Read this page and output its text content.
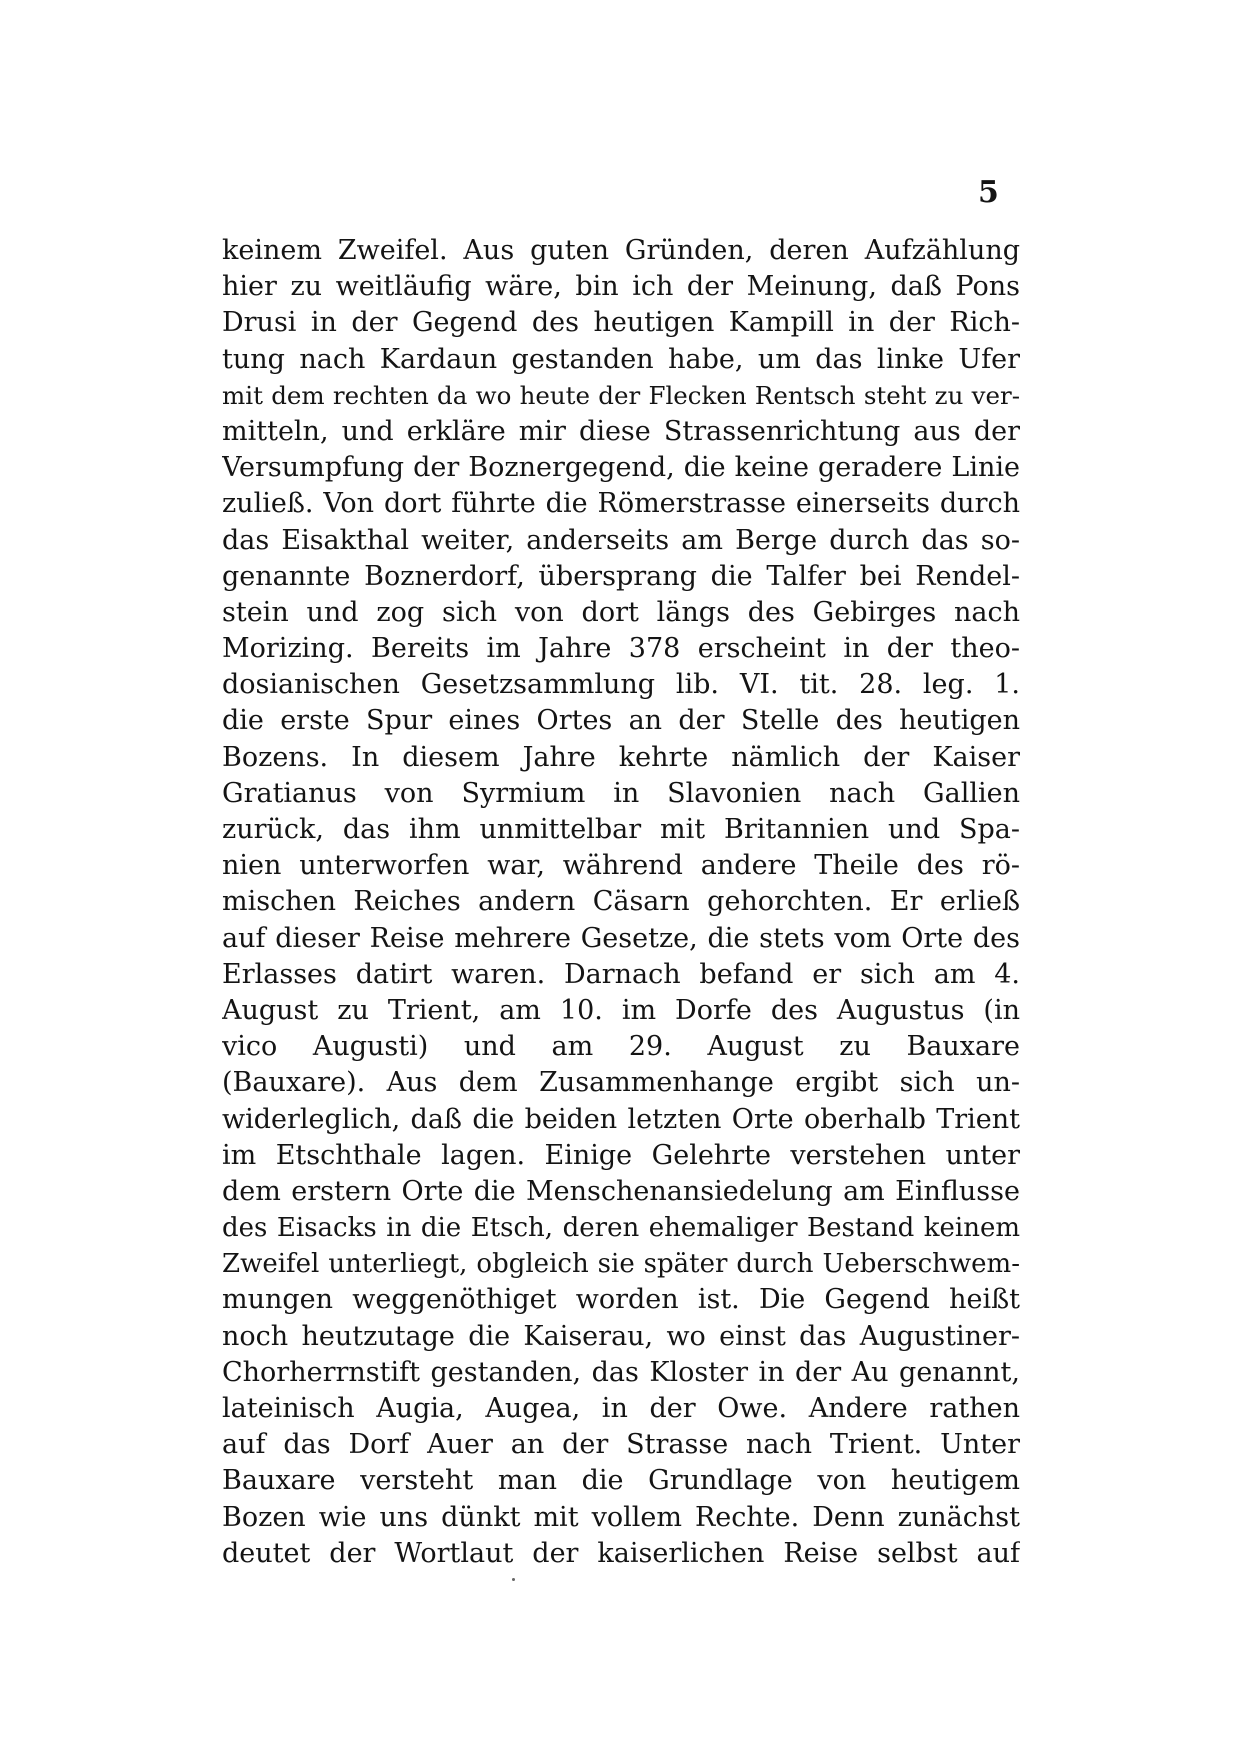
5
keinem Zweifel. Aus guten Gründen, deren Aufzählung
hier zu weitläufig wäre, bin ich der Meinung, daß Pons
Drusi in der Gegend des heutigen Kampill in der Rich-
tung nach Kardaun gestanden habe, um das linke Ufer
mit dem rechten da wo heute der Flecken Rentsch steht zu ver-
mitteln, und erkläre mir diese Strassenrichtung aus der
Versumpfung der Boznergegend, die keine geradere Linie
zuließ. Von dort führte die Römerstrasse einerseits durch
das Eisakthal weiter, anderseits am Berge durch das so-
genannte Boznerdorf, übersprang die Talfer bei Rendel-
stein und zog sich von dort längs des Gebirges nach
Morizing. Bereits im Jahre 378 erscheint in der theo-
dosianischen Gesetzsammlung lib. VI. tit. 28. leg. 1.
die erste Spur eines Ortes an der Stelle des heutigen
Bozens. In diesem Jahre kehrte nämlich der Kaiser
Gratianus von Syrmium in Slavonien nach Gallien
zurück, das ihm unmittelbar mit Britannien und Spa-
nien unterworfen war, während andere Theile des rö-
mischen Reiches andern Cäsarn gehorchten. Er erließ
auf dieser Reise mehrere Gesetze, die stets vom Orte des
Erlasses datirt waren. Darnach befand er sich am 4.
August zu Trient, am 10. im Dorfe des Augustus (in
vico Augusti) und am 29. August zu Bauxare
(Bauxare). Aus dem Zusammenhange ergibt sich un-
widerleglich, daß die beiden letzten Orte oberhalb Trient
im Etschthale lagen. Einige Gelehrte verstehen unter
dem erstern Orte die Menschenansiedelung am Einflusse
des Eisacks in die Etsch, deren ehemaliger Bestand keinem
Zweifel unterliegt, obgleich sie später durch Ueberschwem-
mungen weggenöthiget worden ist. Die Gegend heißt
noch heutzutage die Kaiserau, wo einst das Augustiner-
Chorherrnstift gestanden, das Kloster in der Au genannt,
lateinisch Augia, Augea, in der Owe. Andere rathen
auf das Dorf Auer an der Strasse nach Trient. Unter
Bauxare versteht man die Grundlage von heutigem
Bozen wie uns dünkt mit vollem Rechte. Denn zunächst
deutet der Wortlaut der kaiserlichen Reise selbst auf
